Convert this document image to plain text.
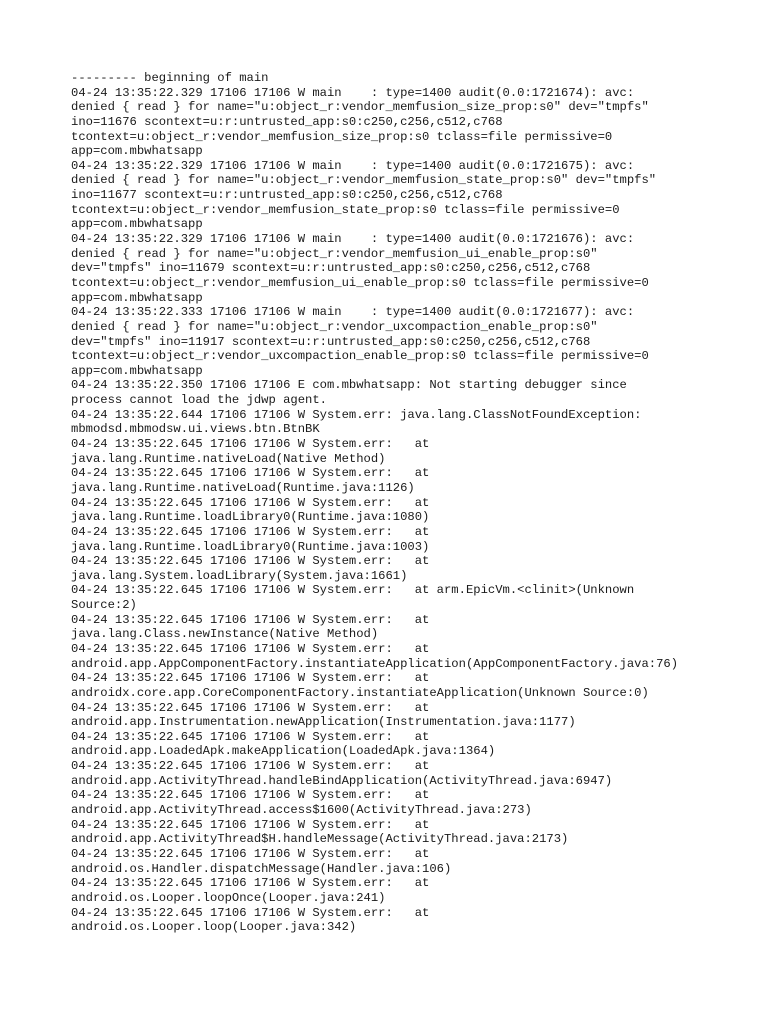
--------- beginning of main
04-24 13:35:22.329 17106 17106 W main    : type=1400 audit(0.0:1721674): avc:
denied { read } for name="u:object_r:vendor_memfusion_size_prop:s0" dev="tmpfs"
ino=11676 scontext=u:r:untrusted_app:s0:c250,c256,c512,c768
tcontext=u:object_r:vendor_memfusion_size_prop:s0 tclass=file permissive=0
app=com.mbwhatsapp
04-24 13:35:22.329 17106 17106 W main    : type=1400 audit(0.0:1721675): avc:
denied { read } for name="u:object_r:vendor_memfusion_state_prop:s0" dev="tmpfs"
ino=11677 scontext=u:r:untrusted_app:s0:c250,c256,c512,c768
tcontext=u:object_r:vendor_memfusion_state_prop:s0 tclass=file permissive=0
app=com.mbwhatsapp
04-24 13:35:22.329 17106 17106 W main    : type=1400 audit(0.0:1721676): avc:
denied { read } for name="u:object_r:vendor_memfusion_ui_enable_prop:s0"
dev="tmpfs" ino=11679 scontext=u:r:untrusted_app:s0:c250,c256,c512,c768
tcontext=u:object_r:vendor_memfusion_ui_enable_prop:s0 tclass=file permissive=0
app=com.mbwhatsapp
04-24 13:35:22.333 17106 17106 W main    : type=1400 audit(0.0:1721677): avc:
denied { read } for name="u:object_r:vendor_uxcompaction_enable_prop:s0"
dev="tmpfs" ino=11917 scontext=u:r:untrusted_app:s0:c250,c256,c512,c768
tcontext=u:object_r:vendor_uxcompaction_enable_prop:s0 tclass=file permissive=0
app=com.mbwhatsapp
04-24 13:35:22.350 17106 17106 E com.mbwhatsapp: Not starting debugger since
process cannot load the jdwp agent.
04-24 13:35:22.644 17106 17106 W System.err: java.lang.ClassNotFoundException:
mbmodsd.mbmodsw.ui.views.btn.BtnBK
04-24 13:35:22.645 17106 17106 W System.err:   at
java.lang.Runtime.nativeLoad(Native Method)
04-24 13:35:22.645 17106 17106 W System.err:   at
java.lang.Runtime.nativeLoad(Runtime.java:1126)
04-24 13:35:22.645 17106 17106 W System.err:   at
java.lang.Runtime.loadLibrary0(Runtime.java:1080)
04-24 13:35:22.645 17106 17106 W System.err:   at
java.lang.Runtime.loadLibrary0(Runtime.java:1003)
04-24 13:35:22.645 17106 17106 W System.err:   at
java.lang.System.loadLibrary(System.java:1661)
04-24 13:35:22.645 17106 17106 W System.err:   at arm.EpicVm.<clinit>(Unknown
Source:2)
04-24 13:35:22.645 17106 17106 W System.err:   at
java.lang.Class.newInstance(Native Method)
04-24 13:35:22.645 17106 17106 W System.err:   at
android.app.AppComponentFactory.instantiateApplication(AppComponentFactory.java:76)
04-24 13:35:22.645 17106 17106 W System.err:   at
androidx.core.app.CoreComponentFactory.instantiateApplication(Unknown Source:0)
04-24 13:35:22.645 17106 17106 W System.err:   at
android.app.Instrumentation.newApplication(Instrumentation.java:1177)
04-24 13:35:22.645 17106 17106 W System.err:   at
android.app.LoadedApk.makeApplication(LoadedApk.java:1364)
04-24 13:35:22.645 17106 17106 W System.err:   at
android.app.ActivityThread.handleBindApplication(ActivityThread.java:6947)
04-24 13:35:22.645 17106 17106 W System.err:   at
android.app.ActivityThread.access$1600(ActivityThread.java:273)
04-24 13:35:22.645 17106 17106 W System.err:   at
android.app.ActivityThread$H.handleMessage(ActivityThread.java:2173)
04-24 13:35:22.645 17106 17106 W System.err:   at
android.os.Handler.dispatchMessage(Handler.java:106)
04-24 13:35:22.645 17106 17106 W System.err:   at
android.os.Looper.loopOnce(Looper.java:241)
04-24 13:35:22.645 17106 17106 W System.err:   at
android.os.Looper.loop(Looper.java:342)
